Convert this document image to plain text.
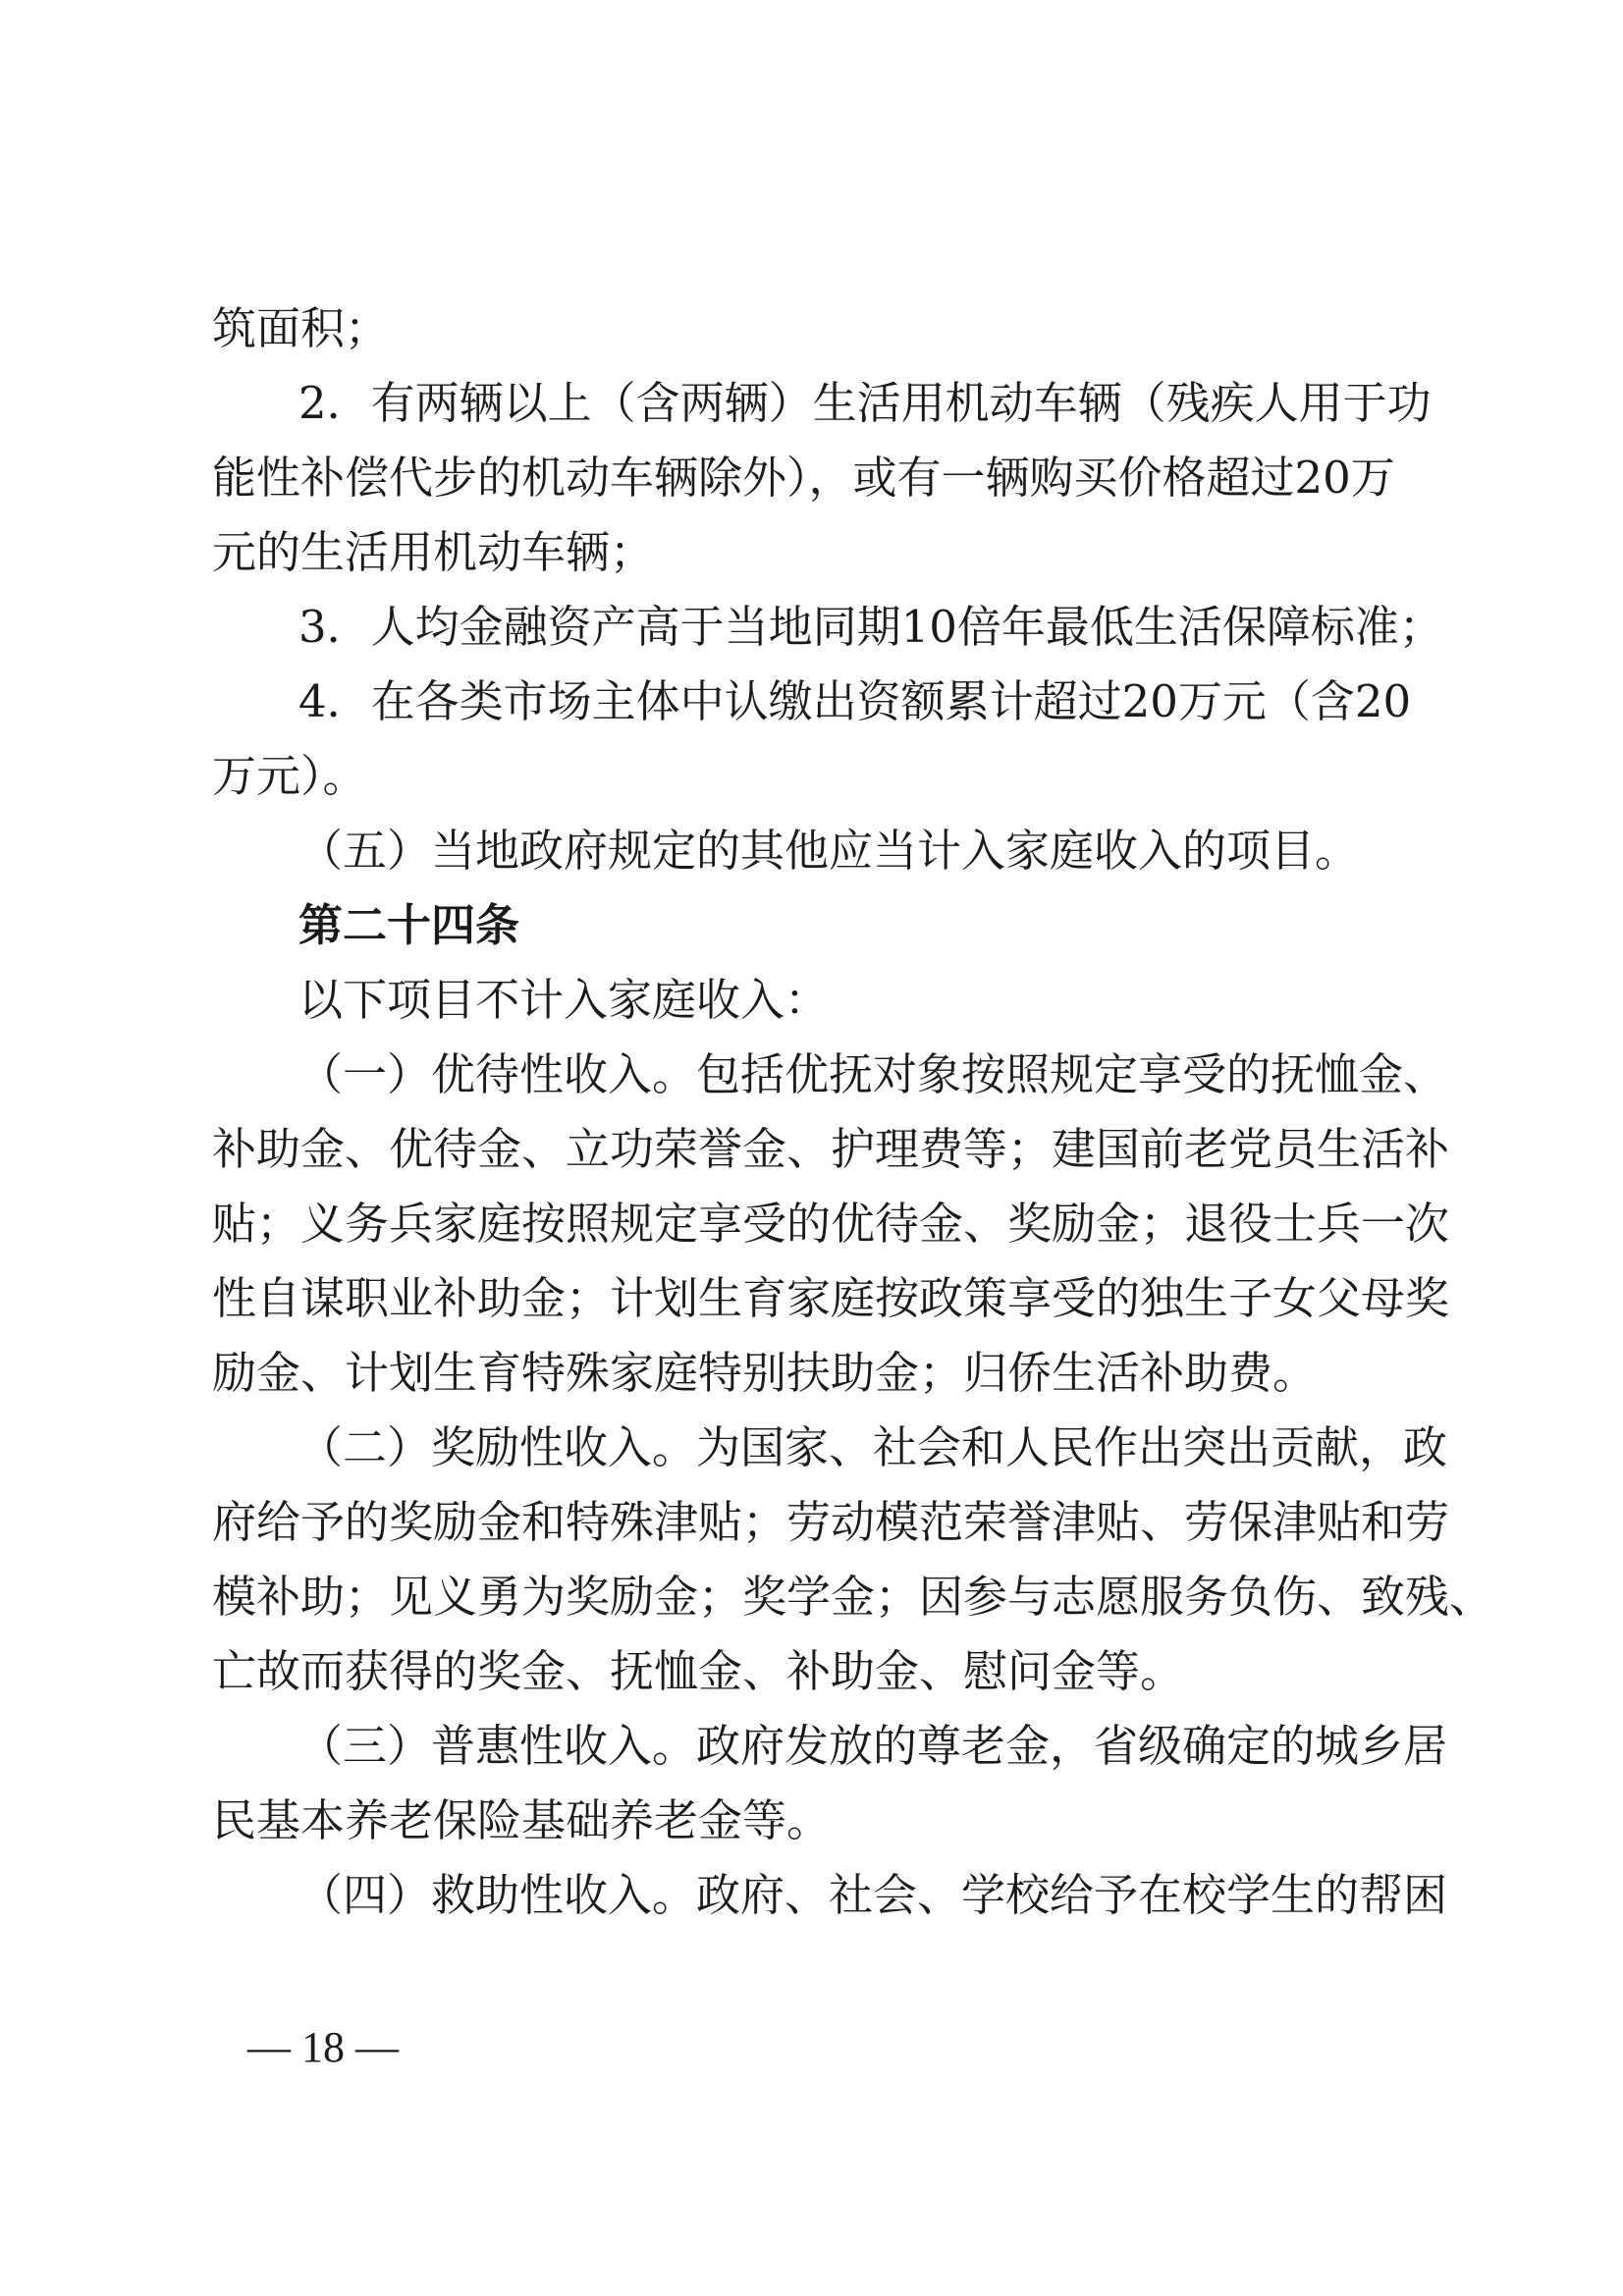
筑面积；
2．有两辆以上（含两辆）生活用机动车辆（残疾人用于功
能性补偿代步的机动车辆除外），或有一辆购买价格超过20万
元的生活用机动车辆；
3．人均金融资产高于当地同期10倍年最低生活保障标准；
4．在各类市场主体中认缴出资额累计超过20万元（含20
万元）。
（五）当地政府规定的其他应当计入家庭收入的项目。
第二十四条
以下项目不计入家庭收入：
（一）优待性收入。包括优抚对象按照规定享受的抚恤金、
补助金、优待金、立功荣誉金、护理费等；建国前老党员生活补
贴；义务兵家庭按照规定享受的优待金、奖励金；退役士兵一次
性自谋职业补助金；计划生育家庭按政策享受的独生子女父母奖
励金、计划生育特殊家庭特别扶助金；归侨生活补助费。
（二）奖励性收入。为国家、社会和人民作出突出贡献，政
府给予的奖励金和特殊津贴；劳动模范荣誉津贴、劳保津贴和劳
模补助；见义勇为奖励金；奖学金；因参与志愿服务负伤、致残、
亡故而获得的奖金、抚恤金、补助金、慰问金等。
（三）普惠性收入。政府发放的尊老金，省级确定的城乡居
民基本养老保险基础养老金等。
（四）救助性收入。政府、社会、学校给予在校学生的帮困
— 18 —
